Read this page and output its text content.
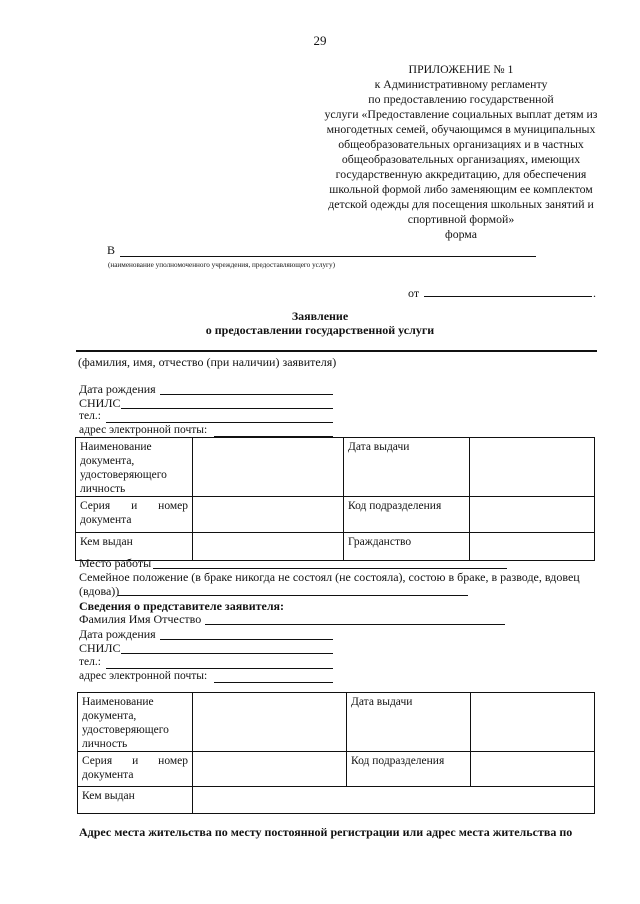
29
ПРИЛОЖЕНИЕ № 1
к Административному регламенту
по предоставлению государственной
услуги «Предоставление социальных выплат детям из
многодетных семей, обучающимся в муниципальных
общеобразовательных организациях и в частных
общеобразовательных организациях, имеющих
государственную аккредитацию, для обеспечения
школьной формой либо заменяющим ее комплектом
детской одежды для посещения школьных занятий и
спортивной формой»
форма
В
(наименование уполномоченного учреждения, предоставляющего услугу)
от	.
Заявление
о предоставлении государственной услуги
(фамилия, имя, отчество (при наличии) заявителя)
Дата рождения
СНИЛС
тел.:
адрес электронной почты:
Наименование
документа,
удостоверяющего
личность		Дата выдачи	

Серия и номер
документа		Код подразделения	
Кем выдан		Гражданство	
Место работы
Семейное положение (в браке никогда не состоял (не состояла), состою в браке, в разводе, вдовец
(вдова))
Сведения о представителе заявителя:
Фамилия Имя Отчество
Дата рождения
СНИЛС
тел.:
адрес электронной почты:
Наименование
документа,
удостоверяющего
личность		Дата выдачи	

Серия и номер
документа		Код подразделения	
Кем выдан			
Адрес места жительства по месту постоянной регистрации или адрес места жительства по
